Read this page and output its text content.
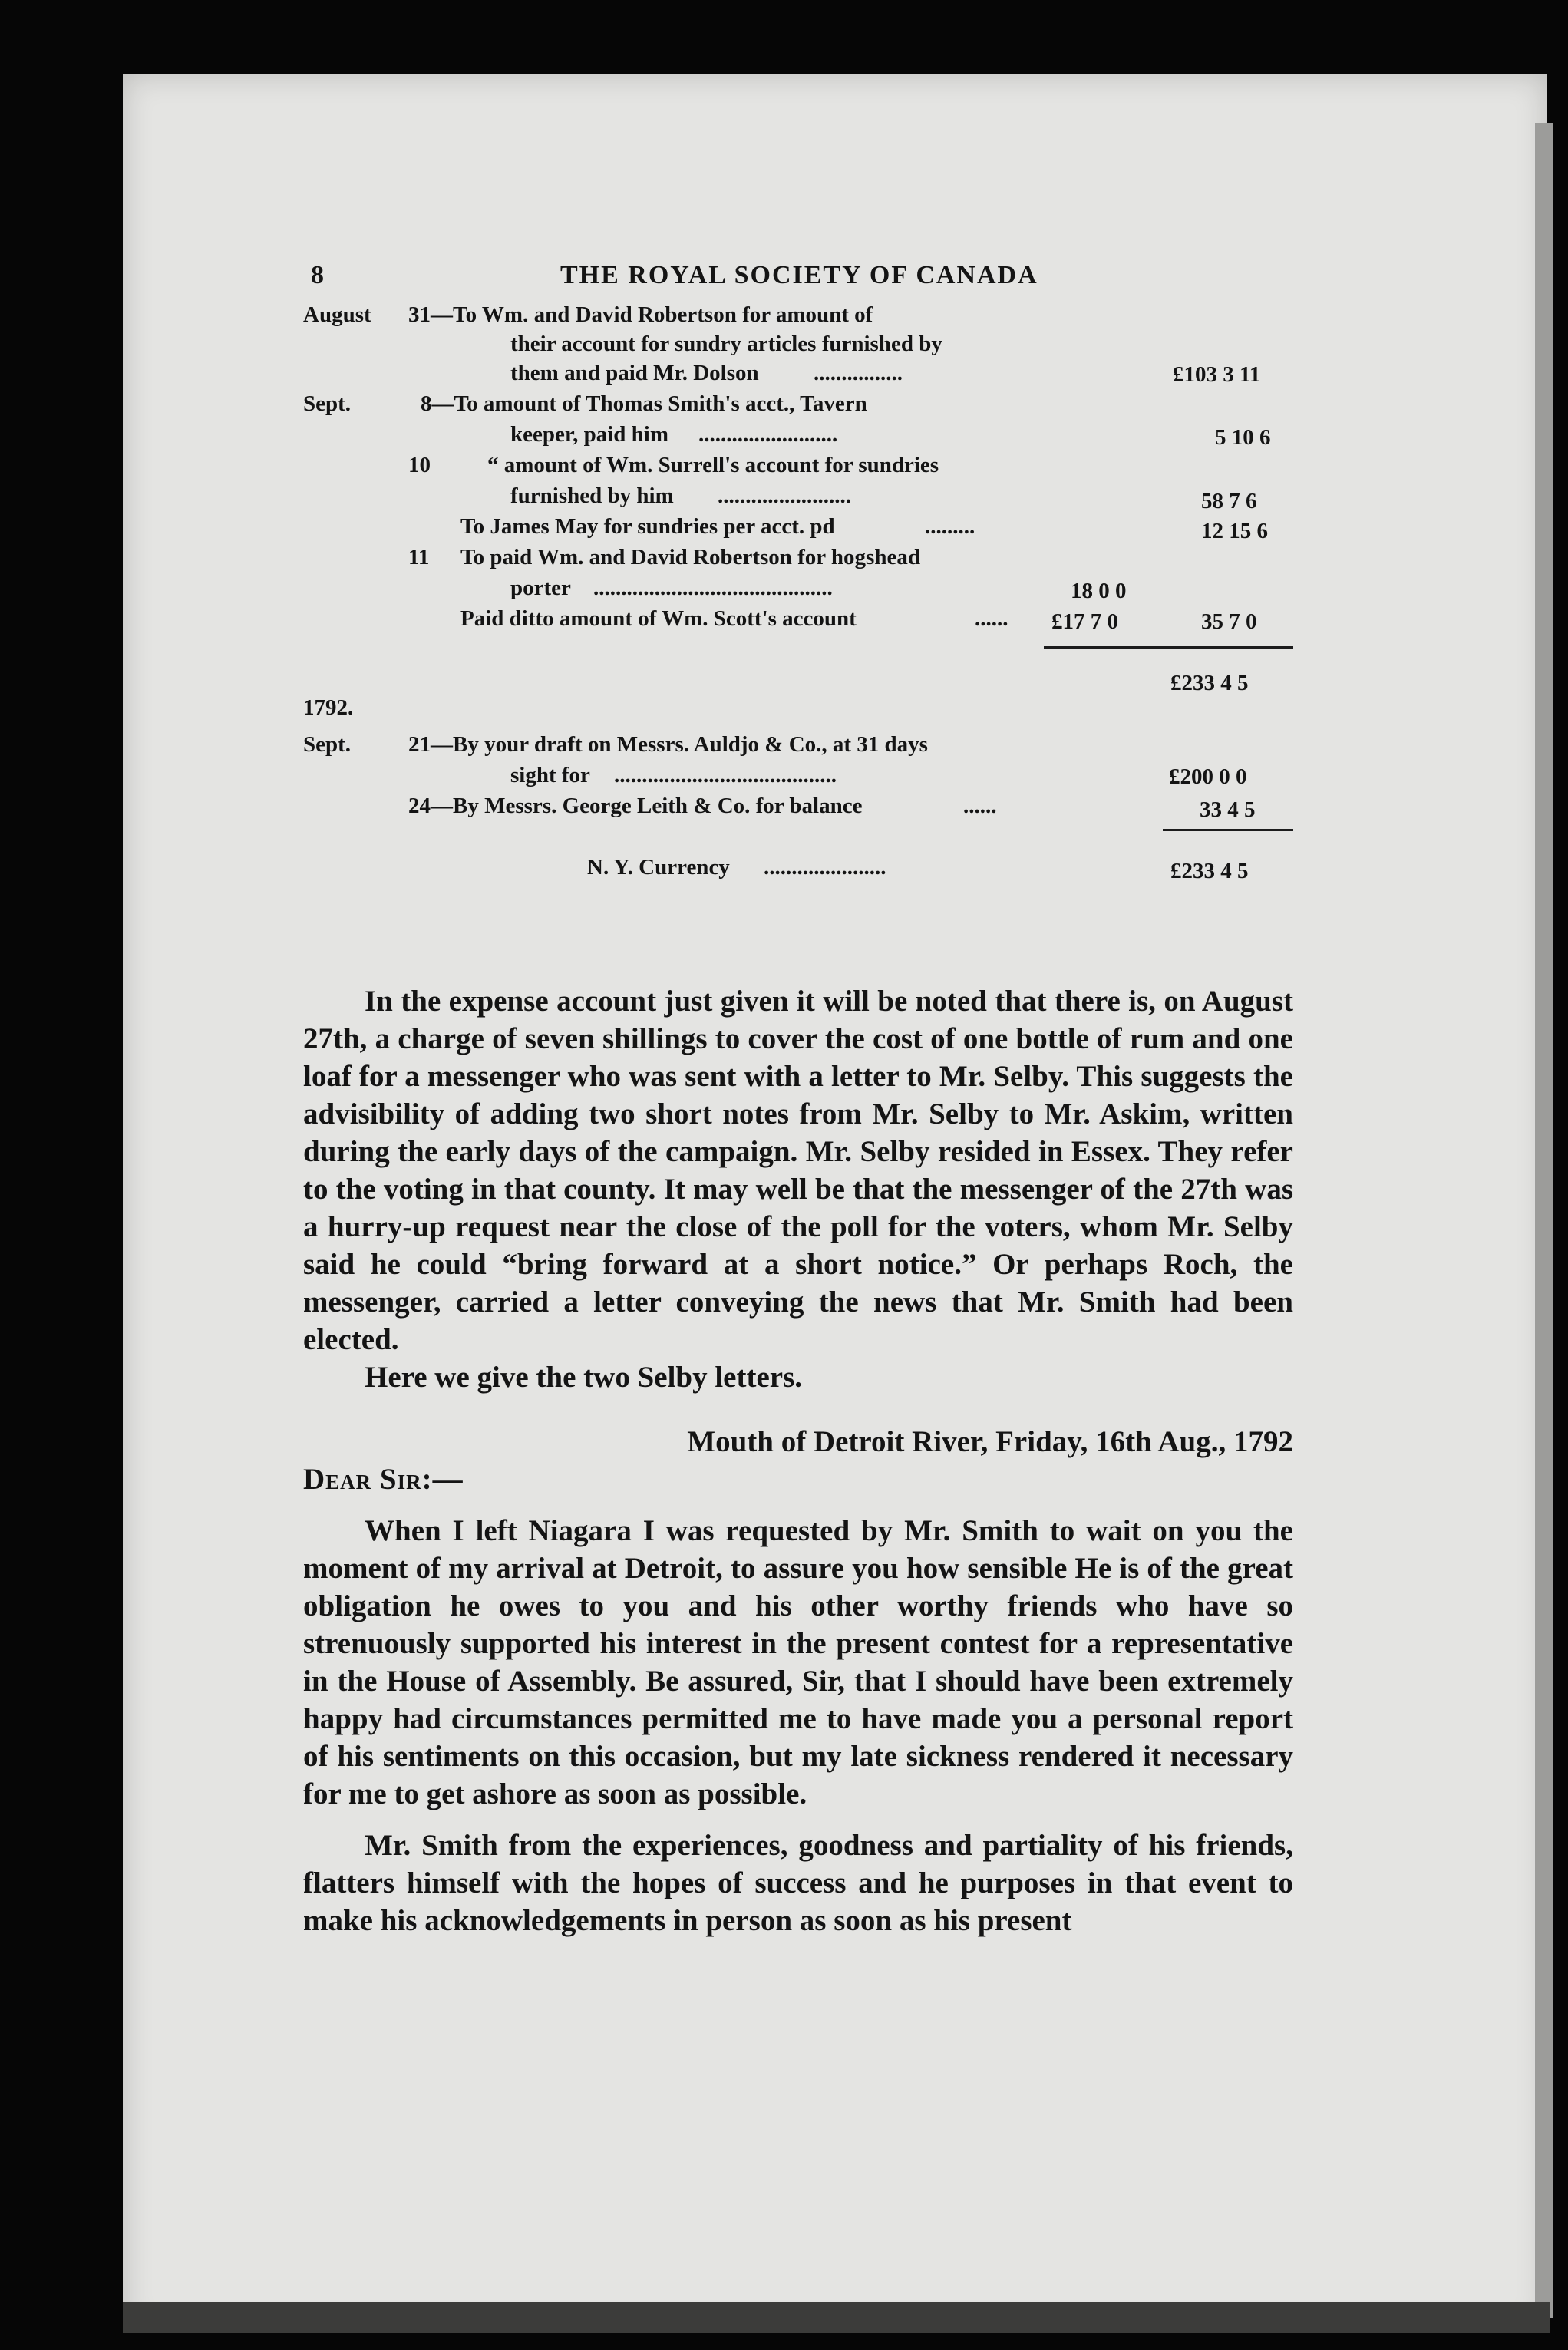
8	THE ROYAL SOCIETY OF CANADA
August 31—To Wm. and David Robertson for amount of
their account for sundry articles furnished by
them and paid Mr. Dolson ................	£103 3 11
Sept.	8—To amount of Thomas Smith's acct., Tavern
keeper, paid him .........................	5 10 6
10	“ amount of Wm. Surrell's account for sundries
furnished by him ........................	58 7 6
To James May for sundries per acct. pd	.........	12 15 6
11 To paid Wm. and David Robertson for hogshead
porter ...........................................	18 0 0
Paid ditto amount of Wm. Scott's account	...... £17 7 0	35 7 0
£233 4 5
1792.
Sept.	21—By your draft on Messrs. Auldjo & Co., at 31 days
sight for ........................................	£200 0 0
24—By Messrs. George Leith & Co. for balance	......	33 4 5
N. Y. Currency ......................	£233 4 5

In the expense account just given it will be noted that there is, on August 27th, a charge of seven shillings to cover the cost of one bottle of rum and one loaf for a messenger who was sent with a letter to Mr. Selby. This suggests the advisibility of adding two short notes from Mr. Selby to Mr. Askim, written during the early days of the campaign. Mr. Selby resided in Essex. They refer to the voting in that county. It may well be that the messenger of the 27th was a hurry-up request near the close of the poll for the voters, whom Mr. Selby said he could “bring forward at a short notice.” Or perhaps Roch, the messenger, carried a letter conveying the news that Mr. Smith had been elected.

Here we give the two Selby letters.

Mouth of Detroit River, Friday, 16th Aug., 1792

Dear Sir:—

When I left Niagara I was requested by Mr. Smith to wait on you the moment of my arrival at Detroit, to assure you how sensible He is of the great obligation he owes to you and his other worthy friends who have so strenuously supported his interest in the present contest for a representative in the House of Assembly. Be assured, Sir, that I should have been extremely happy had circumstances permitted me to have made you a personal report of his sentiments on this occasion, but my late sickness rendered it necessary for me to get ashore as soon as possible.

Mr. Smith from the experiences, goodness and partiality of his friends, flatters himself with the hopes of success and he purposes in that event to make his acknowledgements in person as soon as his present
